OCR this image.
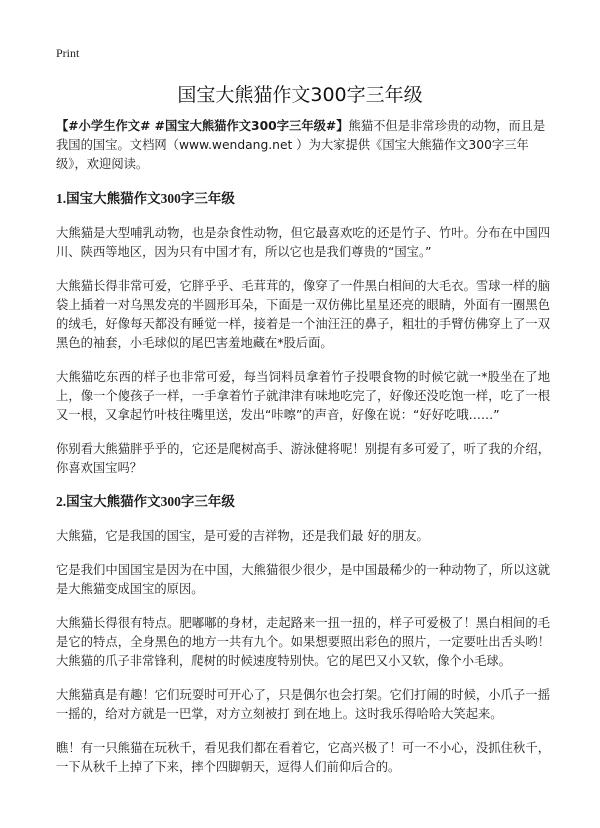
Print
国宝大熊猫作文300字三年级

【#小学生作文# #国宝大熊猫作文300字三年级#】熊猫不但是非常珍贵的动物，而且是我国的国宝。文档网（www.wendang.net ）为大家提供《国宝大熊猫作文300字三年级》，欢迎阅读。

1.国宝大熊猫作文300字三年级

大熊猫是大型哺乳动物，也是杂食性动物，但它最喜欢吃的还是竹子、竹叶。分布在中国四川、陕西等地区，因为只有中国才有，所以它也是我们尊贵的“国宝。”

大熊猫长得非常可爱，它胖乎乎、毛茸茸的，像穿了一件黑白相间的大毛衣。雪球一样的脑袋上插着一对乌黑发亮的半圆形耳朵，下面是一双仿佛比星星还亮的眼睛，外面有一圈黑色的绒毛，好像每天都没有睡觉一样，接着是一个油汪汪的鼻子，粗壮的手臂仿佛穿上了一双黑色的袖套，小毛球似的尾巴害羞地藏在*股后面。

大熊猫吃东西的样子也非常可爱，每当饲料员拿着竹子投喂食物的时候它就一*股坐在了地上，像一个傻孩子一样，一手拿着竹子就津津有味地吃完了，好像还没吃饱一样，吃了一根又一根，又拿起竹叶枝往嘴里送，发出“咔嚓”的声音，好像在说：“好好吃哦……”

你别看大熊猫胖乎乎的，它还是爬树高手、游泳健将呢！别提有多可爱了，听了我的介绍，你喜欢国宝吗？

2.国宝大熊猫作文300字三年级

大熊猫，它是我国的国宝，是可爱的吉祥物，还是我们最 好的朋友。

它是我们中国国宝是因为在中国，大熊猫很少很少，是中国最稀少的一种动物了，所以这就是大熊猫变成国宝的原因。

大熊猫长得很有特点。肥嘟嘟的身材，走起路来一扭一扭的，样子可爱极了！黑白相间的毛是它的特点，全身黑色的地方一共有九个。如果想要照出彩色的照片，一定要吐出舌头哟！大熊猫的爪子非常锋利，爬树的时候速度特别快。它的尾巴又小又软，像个小毛球。

大熊猫真是有趣！它们玩耍时可开心了，只是偶尔也会打架。它们打闹的时候，小爪子一摇一摇的，给对方就是一巴掌，对方立刻被打 到在地上。这时我乐得哈哈大笑起来。

瞧！有一只熊猫在玩秋千，看见我们都在看着它，它高兴极了！可一不小心，没抓住秋千，一下从秋千上掉了下来，摔个四脚朝天，逗得人们前仰后合的。
